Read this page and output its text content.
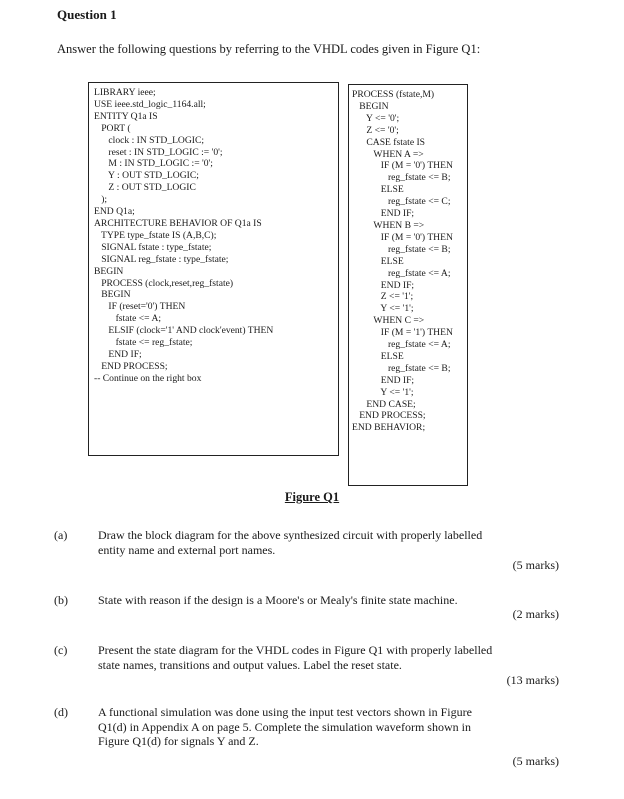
Question 1
Answer the following questions by referring to the VHDL codes given in Figure Q1:
LIBRARY ieee;
USE ieee.std_logic_1164.all;
ENTITY Q1a IS
PORT (
clock : IN STD_LOGIC;
reset : IN STD_LOGIC := '0';
M : IN STD_LOGIC := '0';
Y : OUT STD_LOGIC;
Z : OUT STD_LOGIC
);
END Q1a;
ARCHITECTURE BEHAVIOR OF Q1a IS
TYPE type_fstate IS (A,B,C);
SIGNAL fstate : type_fstate;
SIGNAL reg_fstate : type_fstate;
BEGIN
PROCESS (clock,reset,reg_fstate)
BEGIN
IF (reset='0') THEN
fstate <= A;
ELSIF (clock='1' AND clock'event) THEN
fstate <= reg_fstate;
END IF;
END PROCESS;
-- Continue on the right box
PROCESS (fstate,M)
BEGIN
Y <= '0';
Z <= '0';
CASE fstate IS
WHEN A =>
IF (M = '0') THEN
reg_fstate <= B;
ELSE
reg_fstate <= C;
END IF;
WHEN B =>
IF (M = '0') THEN
reg_fstate <= B;
ELSE
reg_fstate <= A;
END IF;
Z <= '1';
Y <= '1';
WHEN C =>
IF (M = '1') THEN
reg_fstate <= A;
ELSE
reg_fstate <= B;
END IF;
Y <= '1';
END CASE;
END PROCESS;
END BEHAVIOR;
Figure Q1
(a)	Draw the block diagram for the above synthesized circuit with properly labelled
entity name and external port names.
(5 marks)
(b)	State with reason if the design is a Moore's or Mealy's finite state machine.
(2 marks)
(c)	Present the state diagram for the VHDL codes in Figure Q1 with properly labelled
state names, transitions and output values. Label the reset state.
(13 marks)
(d)	A functional simulation was done using the input test vectors shown in Figure
Q1(d) in Appendix A on page 5. Complete the simulation waveform shown in
Figure Q1(d) for signals Y and Z.
(5 marks)
